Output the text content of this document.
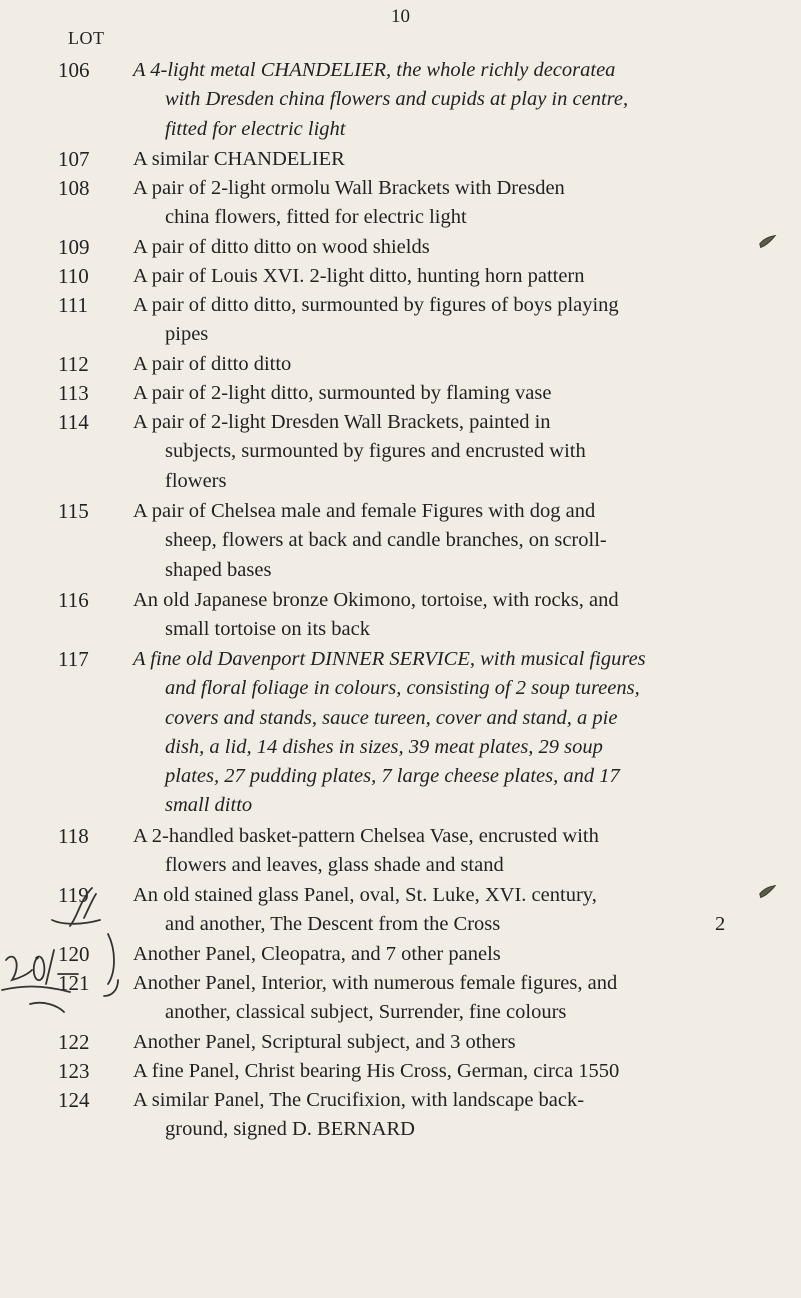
10
LOT
106	A 4-light metal CHANDELIER, the whole richly decoratea
with Dresden china flowers and cupids at play in centre,
fitted for electric light
107	A similar CHANDELIER
108	A pair of 2-light ormolu Wall Brackets with Dresden
china flowers, fitted for electric light
109	A pair of ditto ditto on wood shields
110	A pair of Louis XVI. 2-light ditto, hunting horn pattern
111	A pair of ditto ditto, surmounted by figures of boys playing
pipes
112	A pair of ditto ditto
113	A pair of 2-light ditto, surmounted by flaming vase
114	A pair of 2-light Dresden Wall Brackets, painted in
subjects, surmounted by figures and encrusted with
flowers
115	A pair of Chelsea male and female Figures with dog and
sheep, flowers at back and candle branches, on scroll-
shaped bases
116	An old Japanese bronze Okimono, tortoise, with rocks, and
small tortoise on its back
117	A fine old Davenport DINNER SERVICE, with musical figures
and floral foliage in colours, consisting of 2 soup tureens,
covers and stands, sauce tureen, cover and stand, a pie
dish, a lid, 14 dishes in sizes, 39 meat plates, 29 soup
plates, 27 pudding plates, 7 large cheese plates, and 17
small ditto
118	A 2-handled basket-pattern Chelsea Vase, encrusted with
flowers and leaves, glass shade and stand
119	An old stained glass Panel, oval, St. Luke, XVI. century,
and another, The Descent from the Cross	2
120	Another Panel, Cleopatra, and 7 other panels
121	Another Panel, Interior, with numerous female figures, and
another, classical subject, Surrender, fine colours
122	Another Panel, Scriptural subject, and 3 others
123	A fine Panel, Christ bearing His Cross, German, circa 1550
124	A similar Panel, The Crucifixion, with landscape back-
ground, signed D. BERNARD
